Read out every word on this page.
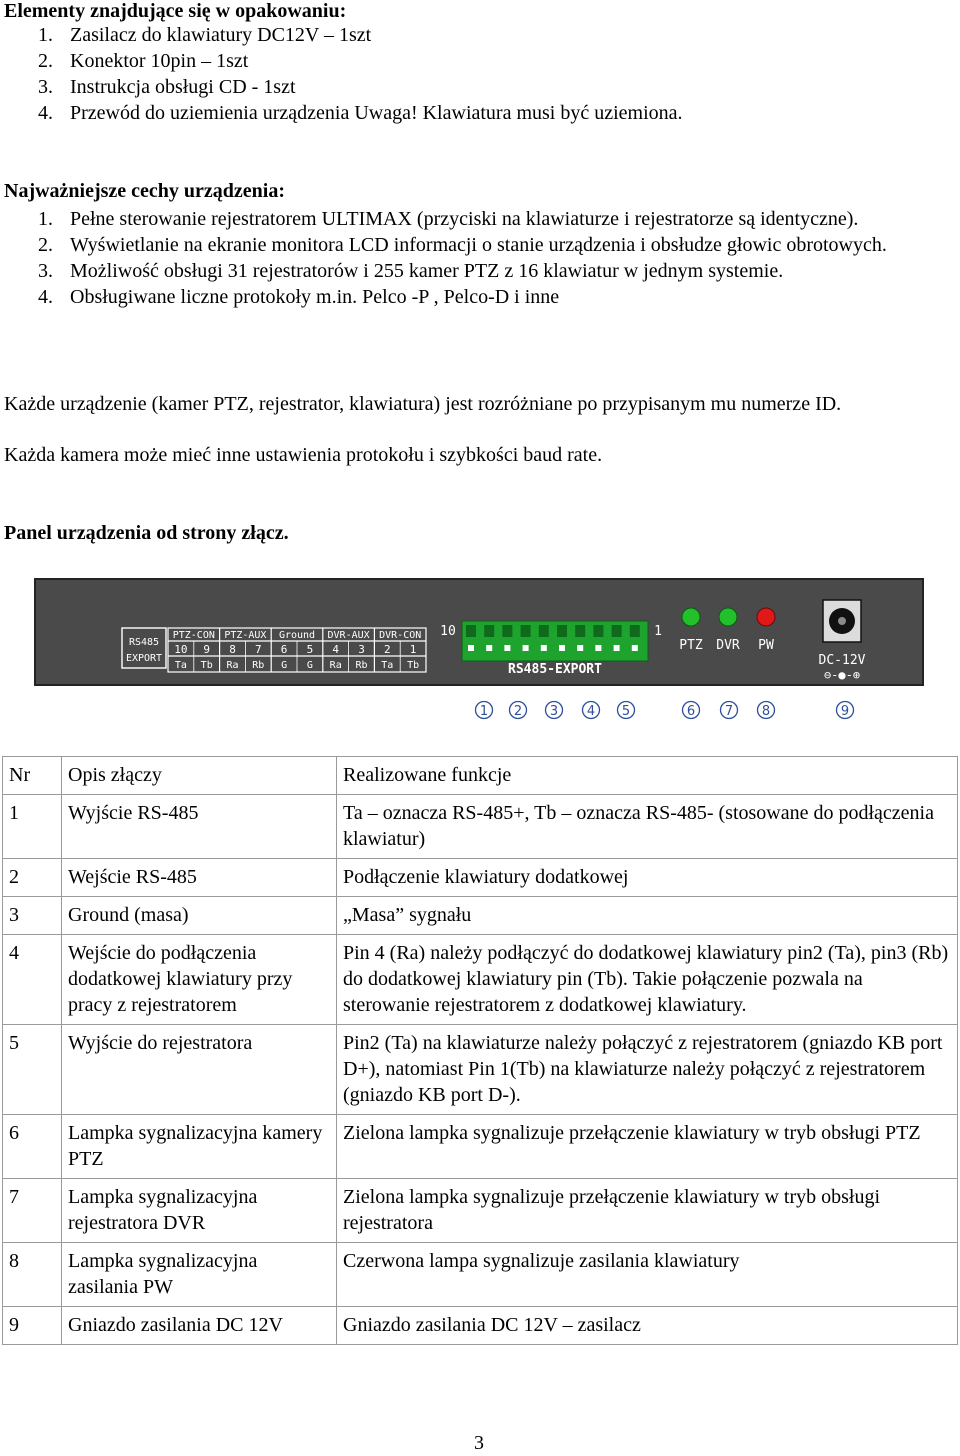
Elementy znajdujące się w opakowaniu:
1. Zasilacz do klawiatury DC12V – 1szt
2. Konektor 10pin – 1szt
3. Instrukcja obsługi CD - 1szt
4. Przewód do uziemienia urządzenia Uwaga! Klawiatura musi być uziemiona.
Najważniejsze cechy urządzenia:
1. Pełne sterowanie rejestratorem ULTIMAX (przyciski na klawiaturze i rejestratorze są identyczne).
2. Wyświetlanie na ekranie monitora LCD informacji o stanie urządzenia i obsłudze głowic obrotowych.
3. Możliwość obsługi 31 rejestratorów i 255 kamer PTZ z 16 klawiatur w jednym systemie.
4. Obsługiwane liczne protokoły m.in. Pelco -P , Pelco-D i inne
Każde urządzenie (kamer PTZ, rejestrator, klawiatura) jest rozróżniane po przypisanym mu numerze ID.
Każda kamera może mieć inne ustawienia protokołu i szybkości baud rate.
Panel urządzenia od strony złącz.
RS485
EXPORT
PTZ-CON PTZ-AUX Ground DVR-AUX DVR-CON
10 9 8 7 6 5 4 3 2 1
Ta Tb Ra Rb G G Ra Rb Ta Tb
10	1
RS485-EXPORT
PTZ DVR PW
DC-12V
⊖-●-⊕
1 2 3 4 5	6 7 8	9
Nr	Opis złączy	Realizowane funkcje
1	Wyjście RS-485	Ta – oznacza RS-485+, Tb – oznacza RS-485- (stosowane do podłączenia klawiatur)
2	Wejście RS-485	Podłączenie klawiatury dodatkowej
3	Ground (masa)	„Masa” sygnału
4	Wejście do podłączenia dodatkowej klawiatury przy pracy z rejestratorem	Pin 4 (Ra) należy podłączyć do dodatkowej klawiatury pin2 (Ta), pin3 (Rb) do dodatkowej klawiatury pin (Tb). Takie połączenie pozwala na sterowanie rejestratorem z dodatkowej klawiatury.
5	Wyjście do rejestratora	Pin2 (Ta) na klawiaturze należy połączyć z rejestratorem (gniazdo KB port D+), natomiast Pin 1(Tb) na klawiaturze należy połączyć z rejestratorem (gniazdo KB port D-).
6	Lampka sygnalizacyjna kamery PTZ	Zielona lampka sygnalizuje przełączenie klawiatury w tryb obsługi PTZ
7	Lampka sygnalizacyjna rejestratora DVR	Zielona lampka sygnalizuje przełączenie klawiatury w tryb obsługi rejestratora
8	Lampka sygnalizacyjna zasilania PW	Czerwona lampa sygnalizuje zasilania klawiatury
9	Gniazdo zasilania DC 12V	Gniazdo zasilania DC 12V – zasilacz
3
